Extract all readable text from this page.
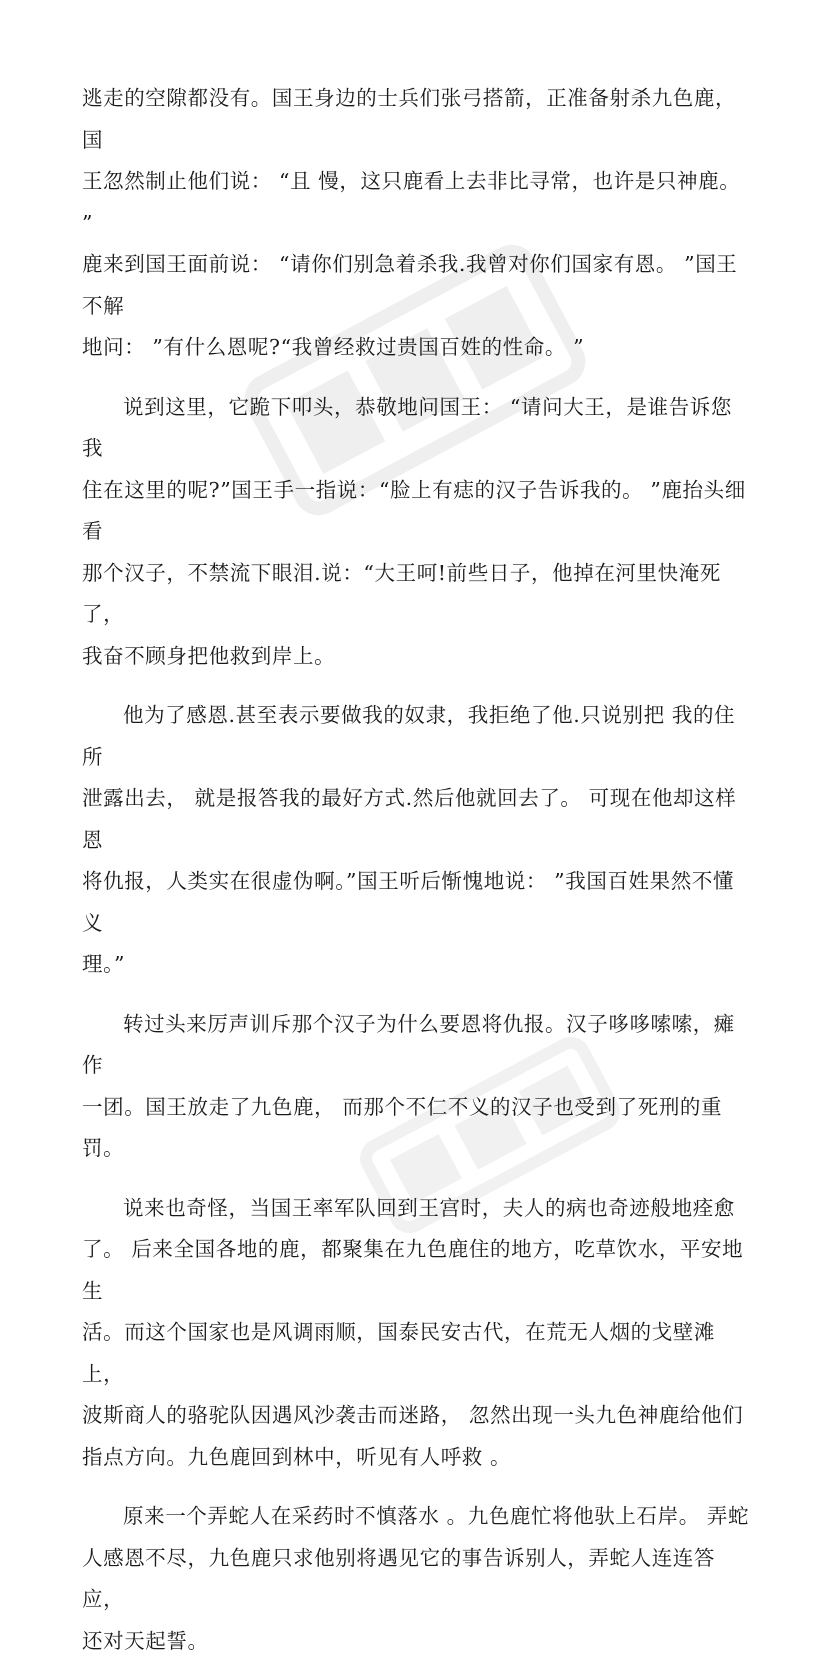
逃走的空隙都没有。国王身边的士兵们张弓搭箭，正准备射杀九色鹿，国
王忽然制止他们说： “且 慢，这只鹿看上去非比寻常，也许是只神鹿。 ”
鹿来到国王面前说： “请你们别急着杀我.我曾对你们国家有恩。 ”国王不解
地问： ”有什么恩呢?“我曾经救过贵国百姓的性命。 ”
说到这里，它跪下叩头，恭敬地问国王： “请问大王，是谁告诉您我
住在这里的呢?”国王手一指说：“脸上有痣的汉子告诉我的。 ”鹿抬头细看
那个汉子，不禁流下眼泪.说：“大王呵!前些日子，他掉在河里快淹死了，
我奋不顾身把他救到岸上。
他为了感恩.甚至表示要做我的奴隶，我拒绝了他.只说别把 我的住所
泄露出去， 就是报答我的最好方式.然后他就回去了。 可现在他却这样恩
将仇报，人类实在很虚伪啊。”国王听后惭愧地说： ”我国百姓果然不懂义
理。”
转过头来厉声训斥那个汉子为什么要恩将仇报。汉子哆哆嗦嗦，瘫作
一团。国王放走了九色鹿， 而那个不仁不义的汉子也受到了死刑的重罚。
说来也奇怪，当国王率军队回到王宫时，夫人的病也奇迹般地痊愈
了。 后来全国各地的鹿，都聚集在九色鹿住的地方，吃草饮水，平安地生
活。而这个国家也是风调雨顺，国泰民安古代，在荒无人烟的戈壁滩上，
波斯商人的骆驼队因遇风沙袭击而迷路， 忽然出现一头九色神鹿给他们
指点方向。九色鹿回到林中，听见有人呼救 。
原来一个弄蛇人在采药时不慎落水 。九色鹿忙将他驮上石岸。 弄蛇
人感恩不尽，九色鹿只求他别将遇见它的事告诉别人，弄蛇人连连答应，
还对天起誓。
